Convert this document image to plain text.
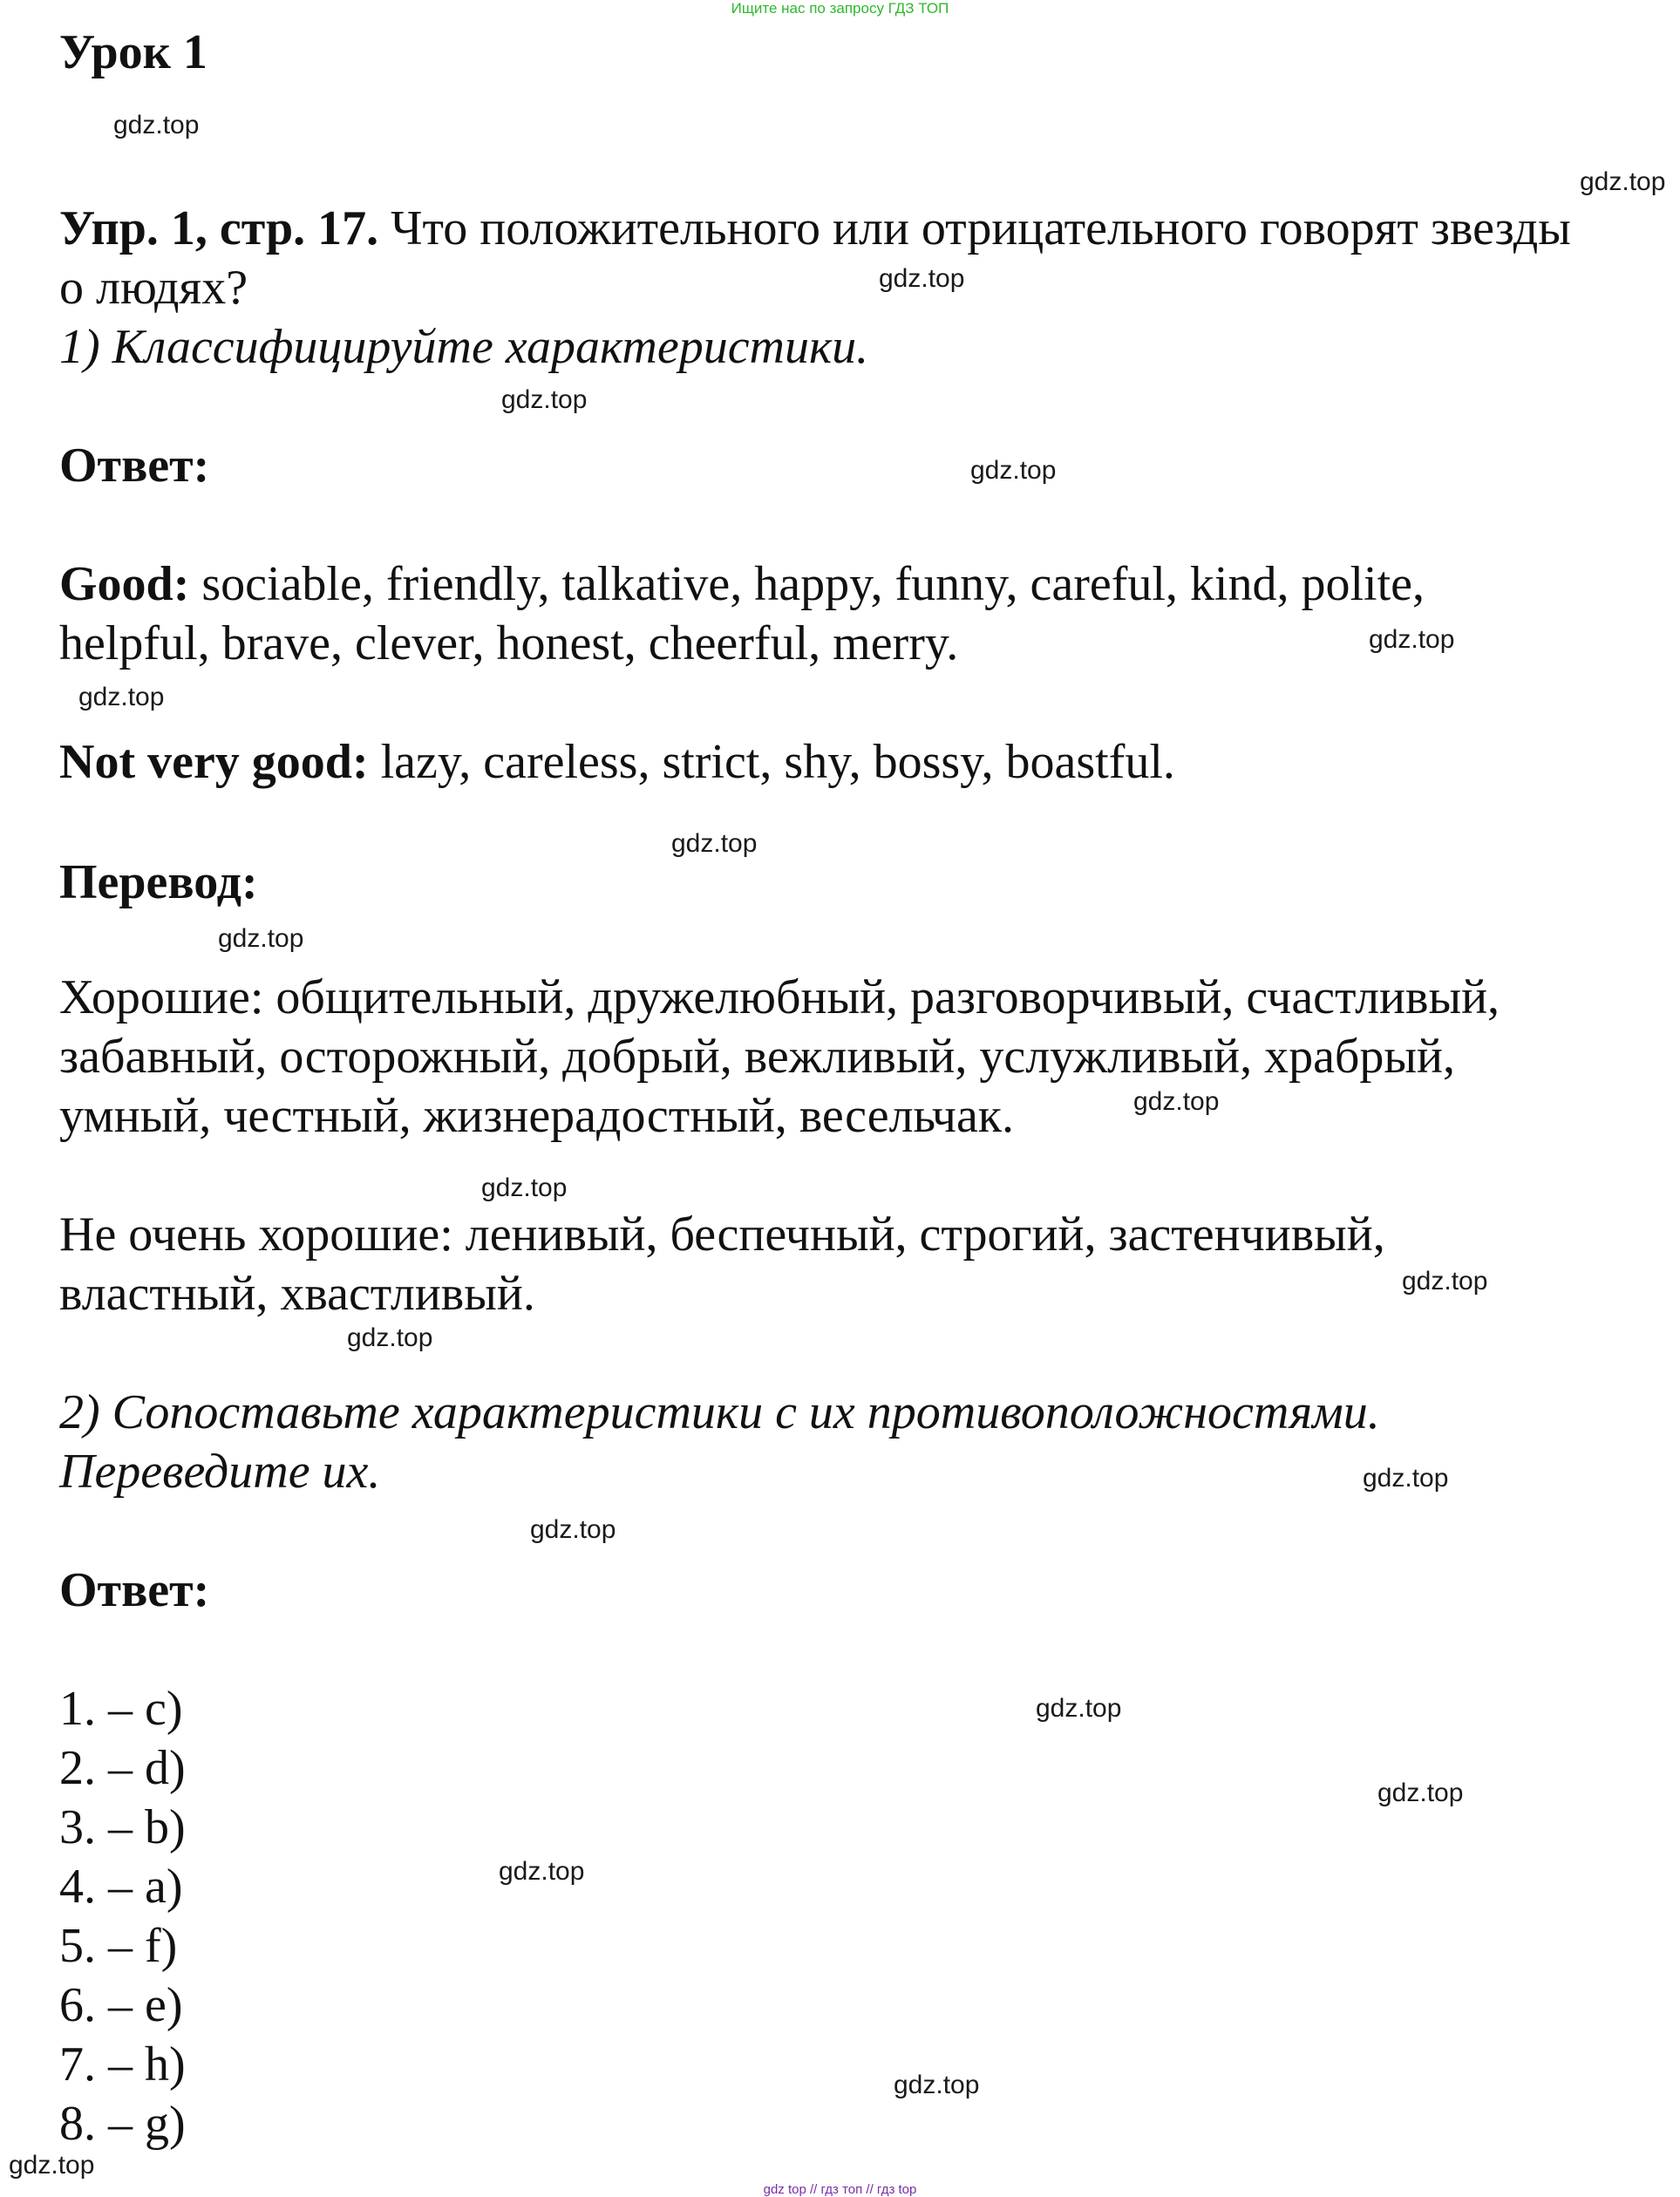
Ищите нас по запросу ГДЗ ТОП
Урок 1
Упр. 1, стр. 17. Что положительного или отрицательного говорят звезды
о людях?
1) Классифицируйте характеристики.
Ответ:
Good: sociable, friendly, talkative, happy, funny, careful, kind, polite,
helpful, brave, clever, honest, cheerful, merry.
Not very good: lazy, careless, strict, shy, bossy, boastful.
Перевод:
Хорошие: общительный, дружелюбный, разговорчивый, счастливый,
забавный, осторожный, добрый, вежливый, услужливый, храбрый,
умный, честный, жизнерадостный, весельчак.
Не очень хорошие: ленивый, беспечный, строгий, застенчивый,
властный, хвастливый.
2) Сопоставьте характеристики с их противоположностями.
Переведите их.
Ответ:
1. – c)
2. – d)
3. – b)
4. – a)
5. – f)
6. – e)
7. – h)
8. – g)
gdz.top
gdz.top
gdz.top
gdz.top
gdz.top
gdz.top
gdz.top
gdz.top
gdz.top
gdz.top
gdz.top
gdz.top
gdz.top
gdz.top
gdz.top
gdz.top
gdz.top
gdz.top
gdz.top
gdz.top
gdz top // гдз топ // гдз top
